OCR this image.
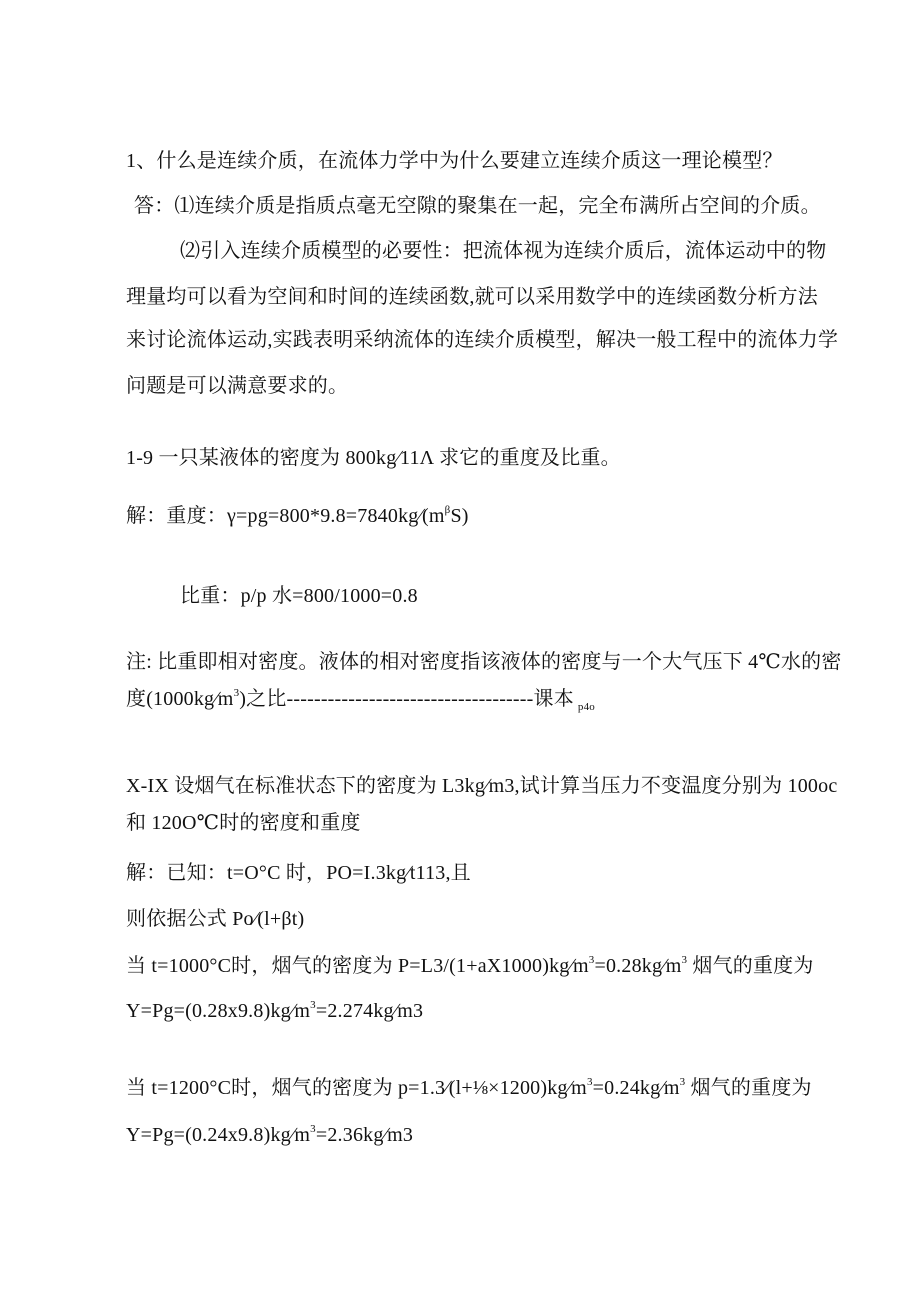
1、什么是连续介质，在流体力学中为什么要建立连续介质这一理论模型？
答：⑴连续介质是指质点毫无空隙的聚集在一起，完全布满所占空间的介质。
⑵引入连续介质模型的必要性：把流体视为连续介质后，流体运动中的物
理量均可以看为空间和时间的连续函数,就可以采用数学中的连续函数分析方法
来讨论流体运动,实践表明采纳流体的连续介质模型，解决一般工程中的流体力学
问题是可以满意要求的。
1-9 一只某液体的密度为 800kg∕11Λ 求它的重度及比重。
解：重度：$\gamma=pg=800*9.8=7840kg∕(m^\beta S)$
比重：p/p 水=800/1000=0.8
注: 比重即相对密度。液体的相对密度指该液体的密度与一个大气压下 4℃水的密
度$(1000kg∕m^3)$之比------------------------------------课本 $_{p4o}$
X-IX 设烟气在标准状态下的密度为 L3kg∕m3,试计算当压力不变温度分别为 100oc
和 120O℃时的密度和重度
解：已知：t=O°C 时，PO=I.3kg∕t113,且
则依据公式 Po∕(l+βt)
当 t=1000°C时，烟气的密度为 $P=L3/(1+aX1000)kg∕m^3=0.28kg∕m^3$ 烟气的重度为
$Y=Pg=(0.28x9.8)kg∕m^3=2.274kg∕m3$
当 t=1200°C时，烟气的密度为 $p=1.3∕(l+\frac{1}{8}\times 1200)kg∕m^3=0.24kg∕m^3$ 烟气的重度为
$Y=Pg=(0.24x9.8)kg∕m^3=2.36kg∕m3$
